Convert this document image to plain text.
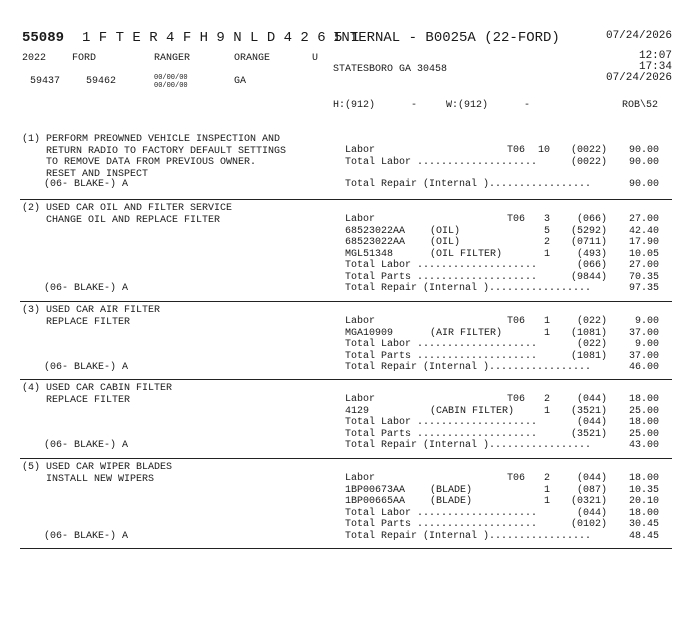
55089 1 F T E R 4 F H 9 N L D 4 2 6 5 1
INTERNAL - B0025A (22-FORD)	07/24/2026
2022	FORD	RANGER	ORANGE	U	12:07
17:34
07/24/2026
STATESBORO GA 30458
59437	59462	00/00/00
00/00/00	GA
H:(912)      -	W:(912)      -	ROB\52
(1) PERFORM PREOWNED VEHICLE INSPECTION AND
RETURN RADIO TO FACTORY DEFAULT SETTINGS
TO REMOVE DATA FROM PREVIOUS OWNER.
RESET AND INSPECT
Labor	T06 10 (0022) 90.00
Total Labor ....................	(0022) 90.00
(06- BLAKE-) A	Total Repair (Internal ).................	90.00
(2) USED CAR OIL AND FILTER SERVICE
CHANGE OIL AND REPLACE FILTER	Labor	T06 3	(066) 27.00
68523022AA (OIL)	5 (5292) 42.40
68523022AA (OIL)	2 (0711) 17.90
MGL51348	(OIL FILTER)	1	(493) 10.05
Total Labor ....................	(066) 27.00
Total Parts ....................	(9844) 70.35
(06- BLAKE-) A	Total Repair (Internal ).................	97.35
(3) USED CAR AIR FILTER
REPLACE FILTER	Labor	T06 1	(022)	9.00
MGA10909	(AIR FILTER)	1 (1081) 37.00
Total Labor ....................	(022)	9.00
Total Parts ....................	(1081) 37.00
(06- BLAKE-) A	Total Repair (Internal ).................	46.00
(4) USED CAR CABIN FILTER
REPLACE FILTER	Labor	T06 2	(044) 18.00
4129	(CABIN FILTER)	1 (3521) 25.00
Total Labor ....................	(044) 18.00
Total Parts ....................	(3521) 25.00
(06- BLAKE-) A	Total Repair (Internal ).................	43.00
(5) USED CAR WIPER BLADES
INSTALL NEW WIPERS	Labor	T06 2	(044) 18.00
1BP00673AA (BLADE)	1	(087) 10.35
1BP00665AA (BLADE)	1 (0321) 20.10
Total Labor ....................	(044) 18.00
Total Parts ....................	(0102) 30.45
(06- BLAKE-) A	Total Repair (Internal ).................	48.45
